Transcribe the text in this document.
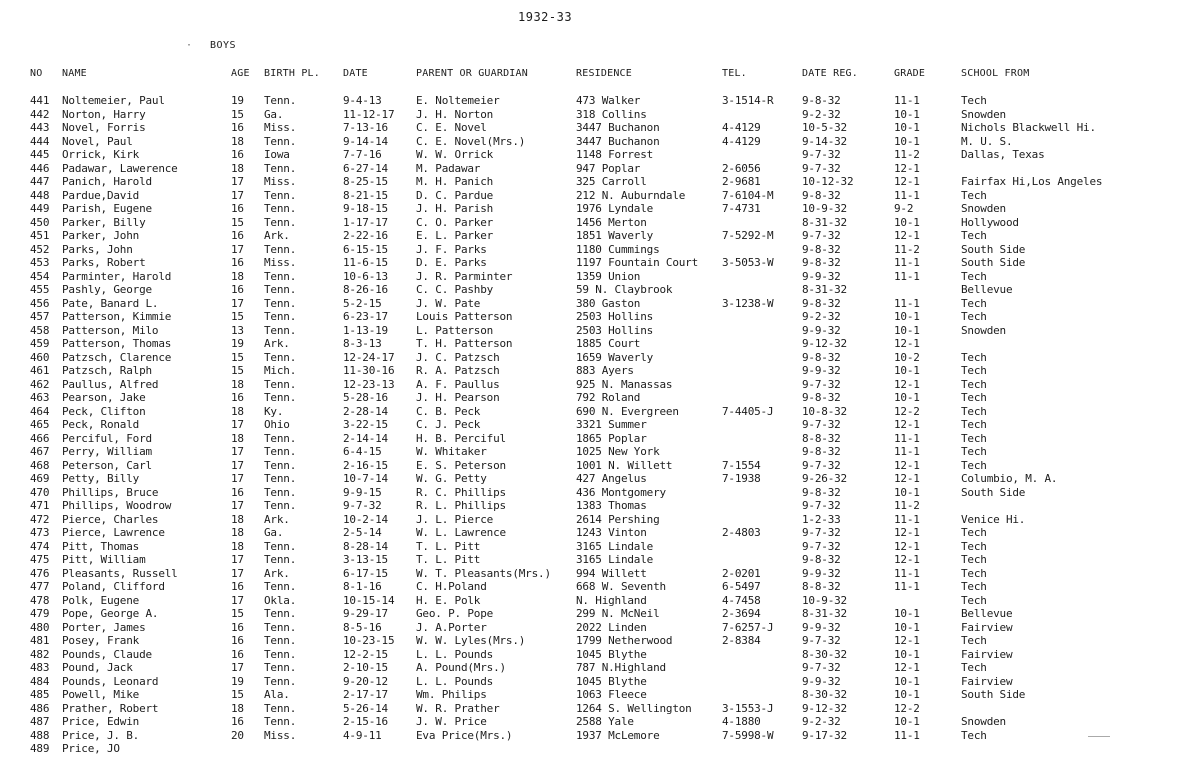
1932-33
· BOYS
NO NAME	AGE BIRTH PL. DATE	PARENT OR GUARDIAN	RESIDENCE	TEL.	DATE REG.	GRADE	SCHOOL FROM
441 Noltemeier, Paul	19 Tenn.	9-4-13	E. Noltemeier	473 Walker	3-1514-R	9-8-32	11-1	Tech
442 Norton, Harry	15 Ga.	11-12-17 J. H. Norton	318 Collins	9-2-32	10-1	Snowden
443 Novel, Forris	16 Miss.	7-13-16	C. E. Novel	3447 Buchanon	4-4129	10-5-32	10-1	Nichols Blackwell Hi.
444 Novel, Paul	18 Tenn.	9-14-14	C. E. Novel(Mrs.)	3447 Buchanon	4-4129	9-14-32	10-1	M. U. S.
445 Orrick, Kirk	16 Iowa	7-7-16	W. W. Orrick	1148 Forrest	9-7-32	11-2	Dallas, Texas
446 Padawar, Lawerence	18 Tenn.	6-27-14	M. Padawar	947 Poplar	2-6056	9-7-32	12-1
447 Panich, Harold	17 Miss.	8-25-15	M. H. Panich	325 Carroll	2-9681	10-12-32	12-1	Fairfax Hi,Los Angeles
448 Pardue,David	17 Tenn.	8-21-15	D. C. Pardue	212 N. Auburndale	7-6104-M	9-8-32	11-1	Tech
449 Parish, Eugene	16 Tenn.	9-18-15	J. H. Parish	1976 Lyndale	7-4731	10-9-32	9-2	Snowden
450 Parker, Billy	15 Tenn.	1-17-17	C. O. Parker	1456 Merton	8-31-32	10-1	Hollywood
451 Parker, John	16 Ark.	2-22-16	E. L. Parker	1851 Waverly	7-5292-M	9-7-32	12-1	Tech
452 Parks, John	17 Tenn.	6-15-15	J. F. Parks	1180 Cummings	9-8-32	11-2	South Side
453 Parks, Robert	16 Miss.	11-6-15	D. E. Parks	1197 Fountain Court 3-5053-W	9-8-32	11-1	South Side
454 Parminter, Harold	18 Tenn.	10-6-13	J. R. Parminter	1359 Union	9-9-32	11-1	Tech
455 Pashly, George	16 Tenn.	8-26-16	C. C. Pashby	59 N. Claybrook	8-31-32	Bellevue
456 Pate, Banard L.	17 Tenn.	5-2-15	J. W. Pate	380 Gaston	3-1238-W	9-8-32	11-1	Tech
457 Patterson, Kimmie	15 Tenn.	6-23-17	Louis Patterson	2503 Hollins	9-2-32	10-1	Tech
458 Patterson, Milo	13 Tenn.	1-13-19	L. Patterson	2503 Hollins	9-9-32	10-1	Snowden
459 Patterson, Thomas	19 Ark.	8-3-13	T. H. Patterson	1885 Court	9-12-32	12-1
460 Patzsch, Clarence	15 Tenn.	12-24-17 J. C. Patzsch	1659 Waverly	9-8-32	10-2	Tech
461 Patzsch, Ralph	15 Mich.	11-30-16 R. A. Patzsch	883 Ayers	9-9-32	10-1	Tech
462 Paullus, Alfred	18 Tenn.	12-23-13 A. F. Paullus	925 N. Manassas	9-7-32	12-1	Tech
463 Pearson, Jake	16 Tenn.	5-28-16	J. H. Pearson	792 Roland	9-8-32	10-1	Tech
464 Peck, Clifton	18 Ky.	2-28-14	C. B. Peck	690 N. Evergreen	7-4405-J	10-8-32	12-2	Tech
465 Peck, Ronald	17 Ohio	3-22-15	C. J. Peck	3321 Summer	9-7-32	12-1	Tech
466 Perciful, Ford	18 Tenn.	2-14-14	H. B. Perciful	1865 Poplar	8-8-32	11-1	Tech
467 Perry, William	17 Tenn.	6-4-15	W. Whitaker	1025 New York	9-8-32	11-1	Tech
468 Peterson, Carl	17 Tenn.	2-16-15	E. S. Peterson	1001 N. Willett	7-1554	9-7-32	12-1	Tech
469 Petty, Billy	17 Tenn.	10-7-14	W. G. Petty	427 Angelus	7-1938	9-26-32	12-1	Columbio, M. A.
470 Phillips, Bruce	16 Tenn.	9-9-15	R. C. Phillips	436 Montgomery	9-8-32	10-1	South Side
471 Phillips, Woodrow	17 Tenn.	9-7-32	R. L. Phillips	1383 Thomas	9-7-32	11-2
472 Pierce, Charles	18 Ark.	10-2-14	J. L. Pierce	2614 Pershing	1-2-33	11-1	Venice Hi.
473 Pierce, Lawrence	18 Ga.	2-5-14	W. L. Lawrence	1243 Vinton	2-4803	9-7-32	12-1	Tech
474 Pitt, Thomas	18 Tenn.	8-28-14	T. L. Pitt	3165 Lindale	9-7-32	12-1	Tech
475 Pitt, William	17 Tenn.	3-13-15	T. L. Pitt	3165 Lindale	9-8-32	12-1	Tech
476 Pleasants, Russell	17 Ark.	6-17-15	W. T. Pleasants(Mrs.) 994 Willett	2-0201	9-9-32	11-1	Tech
477 Poland, Clifford	16 Tenn.	8-1-16	C. H.Poland	668 W. Seventh	6-5497	8-8-32	11-1	Tech
478 Polk, Eugene	17 Okla.	10-15-14 H. E. Polk	N. Highland	4-7458	10-9-32	Tech
479 Pope, George A.	15 Tenn.	9-29-17	Geo. P. Pope	299 N. McNeil	2-3694	8-31-32	10-1	Bellevue
480 Porter, James	16 Tenn.	8-5-16	J. A.Porter	2022 Linden	7-6257-J	9-9-32	10-1	Fairview
481 Posey, Frank	16 Tenn.	10-23-15 W. W. Lyles(Mrs.)	1799 Netherwood	2-8384	9-7-32	12-1	Tech
482 Pounds, Claude	16 Tenn.	12-2-15	L. L. Pounds	1045 Blythe	8-30-32	10-1	Fairview
483 Pound, Jack	17 Tenn.	2-10-15	A. Pound(Mrs.)	787 N.Highland	9-7-32	12-1	Tech
484 Pounds, Leonard	19 Tenn.	9-20-12	L. L. Pounds	1045 Blythe	9-9-32	10-1	Fairview
485 Powell, Mike	15 Ala.	2-17-17	Wm. Philips	1063 Fleece	8-30-32	10-1	South Side
486 Prather, Robert	18 Tenn.	5-26-14	W. R. Prather	1264 S. Wellington	3-1553-J	9-12-32	12-2
487 Price, Edwin	16 Tenn.	2-15-16	J. W. Price	2588 Yale	4-1880	9-2-32	10-1	Snowden
488 Price, J. B.	20 Miss.	4-9-11	Eva Price(Mrs.)	1937 McLemore	7-5998-W	9-17-32	11-1	Tech
489 Price, JO
